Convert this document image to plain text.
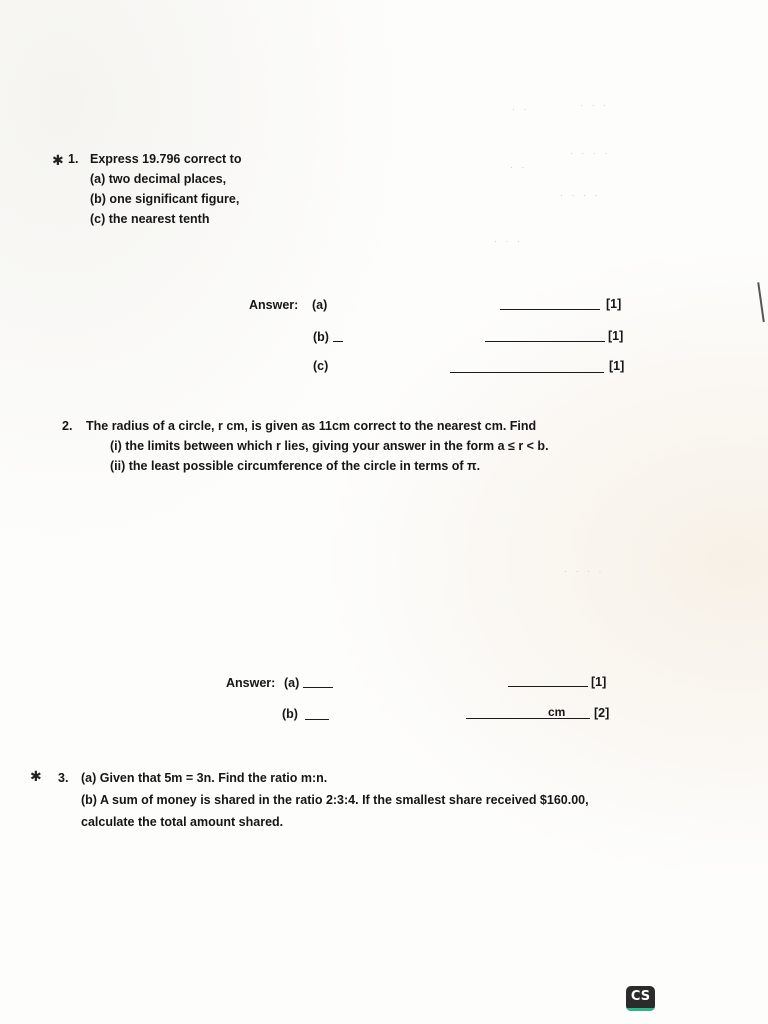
· ·	· · ·
· · · ·
· ·
· · · ·
· · ·
· · · ·
✱ 1. Express 19.796 correct to
(a) two decimal places,
(b) one significant figure,
(c) the nearest tenth
Answer: (a)	[1]
(b)	[1]
(c)	[1]
2. The radius of a circle, r cm, is given as 11cm correct to the nearest cm. Find
(i) the limits between which r lies, giving your answer in the form a ≤ r < b.
(ii) the least possible circumference of the circle in terms of π.
Answer: (a)	[1]
(b)	cm [2]
✱ 3. (a) Given that 5m = 3n. Find the ratio m:n.
(b) A sum of money is shared in the ratio 2:3:4. If the smallest share received $160.00,
calculate the total amount shared.
CS
